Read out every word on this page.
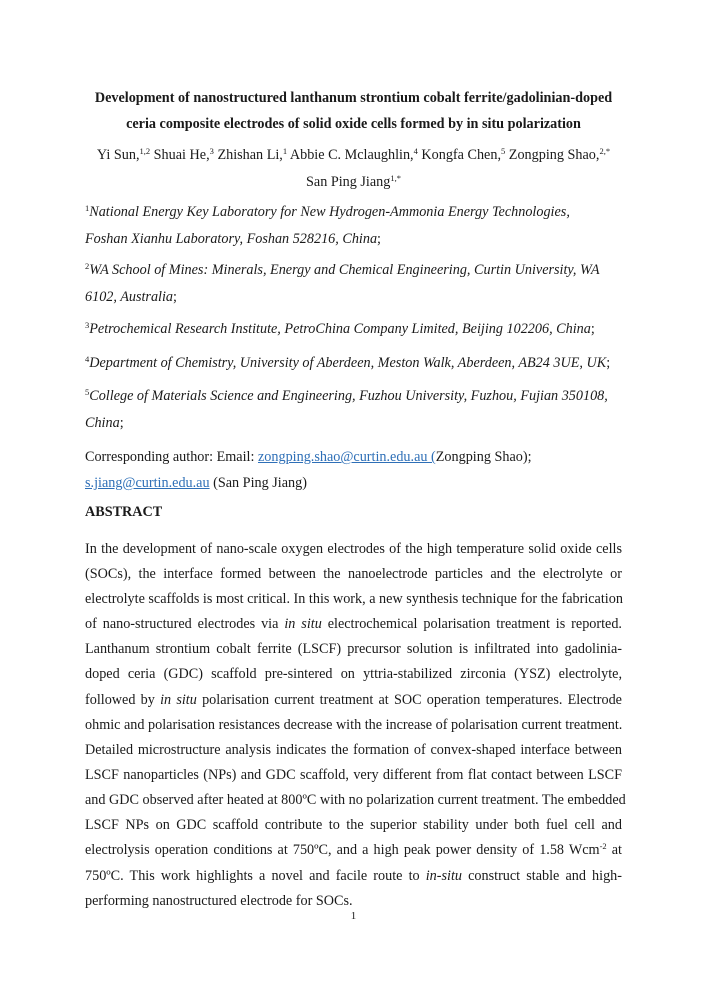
Development of nanostructured lanthanum strontium cobalt ferrite/gadolinian-doped
ceria composite electrodes of solid oxide cells formed by in situ polarization
Yi Sun,$^{1,2}$ Shuai He,$^3$ Zhishan Li,$^1$ Abbie C. Mclaughlin,$^4$ Kongfa Chen,$^5$ Zongping Shao,$^{2,*}$
San Ping Jiang$^{1,*}$
$^1$National Energy Key Laboratory for New Hydrogen-Ammonia Energy Technologies,
Foshan Xianhu Laboratory, Foshan 528216, China;
$^2$WA School of Mines: Minerals, Energy and Chemical Engineering, Curtin University, WA
6102, Australia;
$^3$Petrochemical Research Institute, PetroChina Company Limited, Beijing 102206, China;
$^4$Department of Chemistry, University of Aberdeen, Meston Walk, Aberdeen, AB24 3UE, UK;
$^5$College of Materials Science and Engineering, Fuzhou University, Fuzhou, Fujian 350108,
China;
Corresponding author: Email: zongping.shao@curtin.edu.au (Zongping Shao);
s.jiang@curtin.edu.au (San Ping Jiang)
ABSTRACT
In the development of nano-scale oxygen electrodes of the high temperature solid oxide cells
(SOCs), the interface formed between the nanoelectrode particles and the electrolyte or
electrolyte scaffolds is most critical. In this work, a new synthesis technique for the fabrication
of nano-structured electrodes via in situ electrochemical polarisation treatment is reported.
Lanthanum strontium cobalt ferrite (LSCF) precursor solution is infiltrated into gadolinia-
doped ceria (GDC) scaffold pre-sintered on yttria-stabilized zirconia (YSZ) electrolyte,
followed by in situ polarisation current treatment at SOC operation temperatures. Electrode
ohmic and polarisation resistances decrease with the increase of polarisation current treatment.
Detailed microstructure analysis indicates the formation of convex-shaped interface between
LSCF nanoparticles (NPs) and GDC scaffold, very different from flat contact between LSCF
and GDC observed after heated at 800ºC with no polarization current treatment. The embedded
LSCF NPs on GDC scaffold contribute to the superior stability under both fuel cell and
electrolysis operation conditions at 750ºC, and a high peak power density of 1.58 Wcm$^{-2}$ at
750ºC. This work highlights a novel and facile route to in-situ construct stable and high-
performing nanostructured electrode for SOCs.
1
